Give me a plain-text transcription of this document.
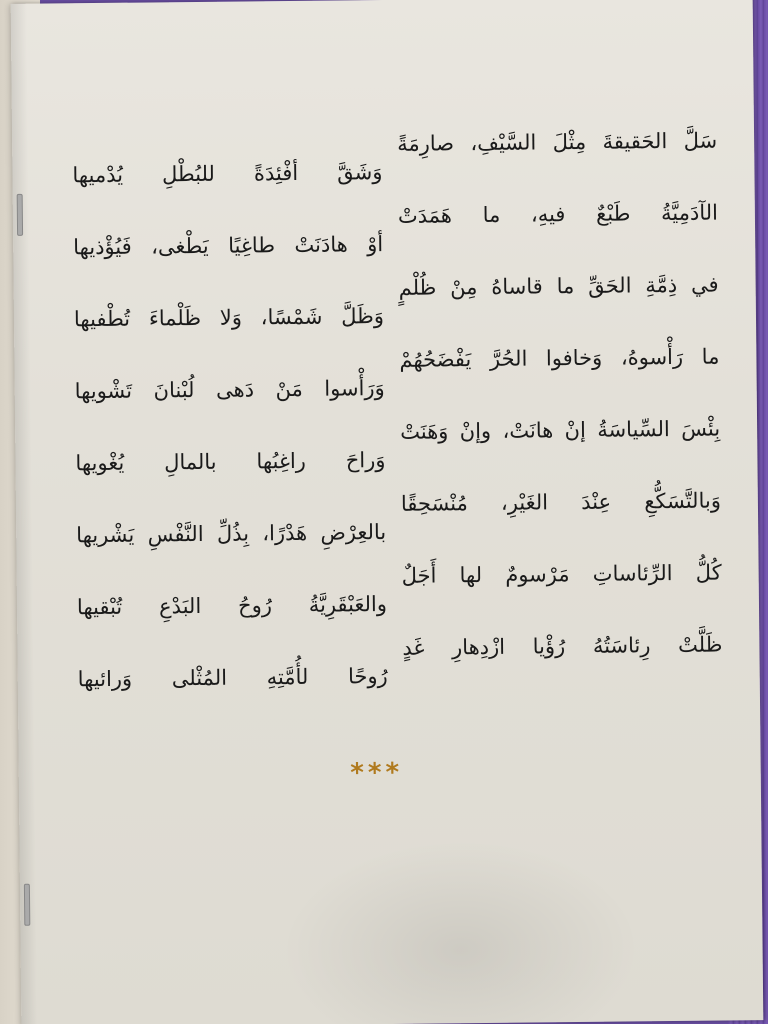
سَلَّ الحَقيقةَ مِثْلَ السَّيْفِ، صارِمَةً
وَشَقَّ أفْئِدَةً للبُطْلِ يُدْميها
الآدَمِيَّةُ طَبْعٌ فيهِ، ما هَمَدَتْ
أوْ هادَنَتْ طاغِيًا يَطْغى، فَيُؤْذيها
في ذِمَّةِ الحَقِّ ما قاساهُ مِنْ ظُلْمٍ
وَظَلَّ شَمْسًا، وَلا ظَلْماءَ تُطْفيها
ما رَأْسوهُ، وَخافوا الحُرَّ يَفْضَحُهُمْ
وَرَأْسوا مَنْ دَهى لُبْنانَ تَشْويها
بِئْسَ السِّياسَةُ إنْ هانَتْ، وإنْ وَهَنَتْ
وَراحَ راغِبُها بالمالِ يُغْويها
وَبالتَّسَكُّعِ عِنْدَ الغَيْرِ، مُنْسَحِقًا
بالعِرْضِ هَدْرًا، بِذُلِّ النَّفْسِ يَشْريها
كُلُّ الرِّئاساتِ مَرْسومٌ لها أَجَلٌ
والعَبْقَرِيَّةُ رُوحُ البَدْعِ تُبْقيها
ظَلَّتْ رِئاسَتُهُ رُؤْيا ازْدِهارِ غَدٍ
رُوحًا لأُمَّتِهِ المُثْلى وَرائيها
***
